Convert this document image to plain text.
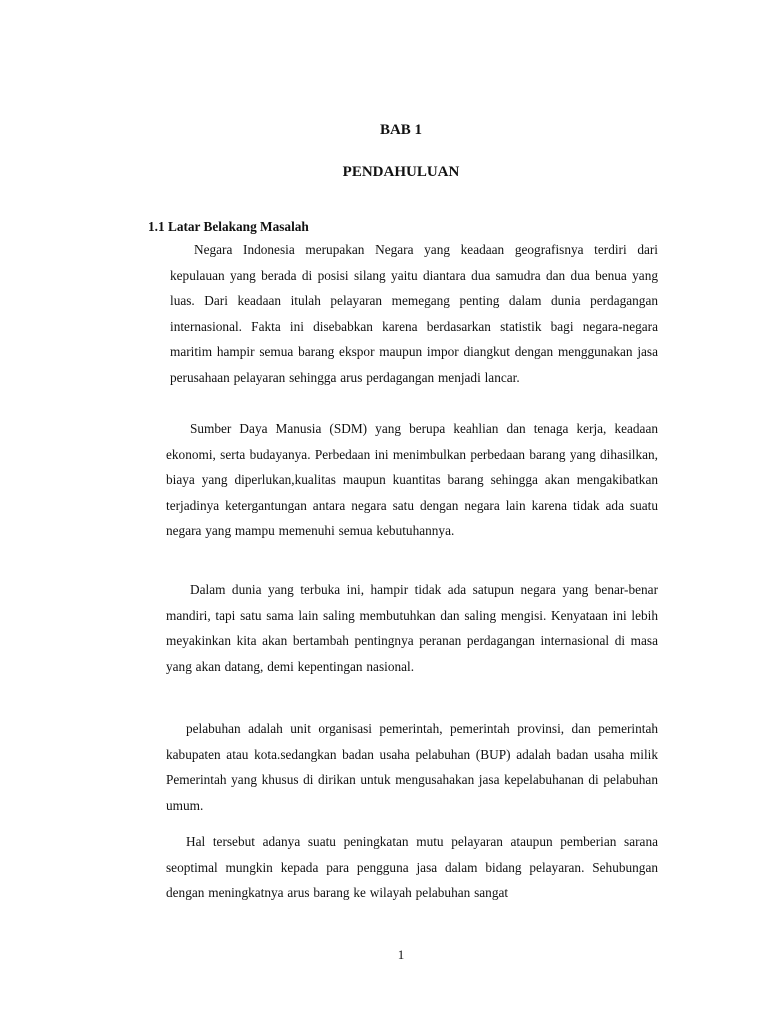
BAB 1
PENDAHULUAN
1.1 Latar Belakang Masalah

Negara Indonesia merupakan Negara yang keadaan geografisnya terdiri dari kepulauan yang berada di posisi silang yaitu diantara dua samudra dan dua benua yang luas. Dari keadaan itulah pelayaran memegang penting dalam dunia perdagangan internasional. Fakta ini disebabkan karena berdasarkan statistik bagi negara-negara maritim hampir semua barang ekspor maupun impor diangkut dengan menggunakan jasa perusahaan pelayaran sehingga arus perdagangan menjadi lancar.

Sumber Daya Manusia (SDM) yang berupa keahlian dan tenaga kerja, keadaan ekonomi, serta budayanya. Perbedaan ini menimbulkan perbedaan barang yang dihasilkan, biaya yang diperlukan,kualitas maupun kuantitas barang sehingga akan mengakibatkan terjadinya ketergantungan antara negara satu dengan negara lain karena tidak ada suatu negara yang mampu memenuhi semua kebutuhannya.

Dalam dunia yang terbuka ini, hampir tidak ada satupun negara yang benar-benar mandiri, tapi satu sama lain saling membutuhkan dan saling mengisi. Kenyataan ini lebih meyakinkan kita akan bertambah pentingnya peranan perdagangan internasional di masa yang akan datang, demi kepentingan nasional.

pelabuhan adalah unit organisasi pemerintah, pemerintah provinsi, dan pemerintah kabupaten atau kota.sedangkan badan usaha pelabuhan (BUP) adalah badan usaha milik Pemerintah yang khusus di dirikan untuk mengusahakan jasa kepelabuhanan di pelabuhan umum.

Hal tersebut adanya suatu peningkatan mutu pelayaran ataupun pemberian sarana seoptimal mungkin kepada para pengguna jasa dalam bidang pelayaran. Sehubungan dengan meningkatnya arus barang ke wilayah pelabuhan sangat

1
